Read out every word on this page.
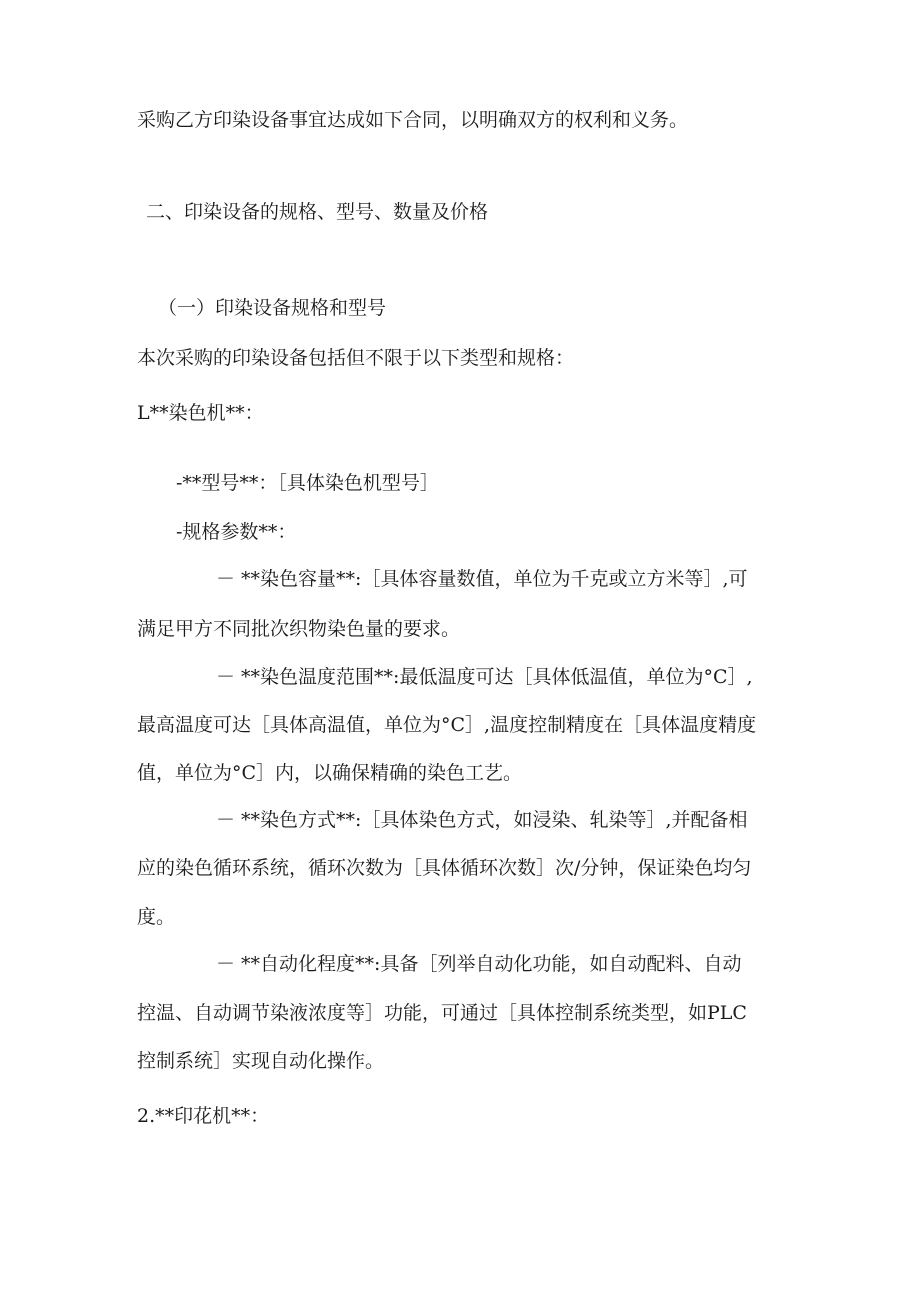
采购乙方印染设备事宜达成如下合同，以明确双方的权利和义务。
二、印染设备的规格、型号、数量及价格
（一）印染设备规格和型号
本次采购的印染设备包括但不限于以下类型和规格：
L**染色机**：
-**型号**：［具体染色机型号］
-规格参数**：
－ **染色容量**:［具体容量数值，单位为千克或立方米等］,可
满足甲方不同批次织物染色量的要求。
－ **染色温度范围**:最低温度可达［具体低温值，单位为°C］,
最高温度可达［具体高温值，单位为°C］,温度控制精度在［具体温度精度
值，单位为°C］内，以确保精确的染色工艺。
－ **染色方式**:［具体染色方式，如浸染、轧染等］,并配备相
应的染色循环系统，循环次数为［具体循环次数］次/分钟，保证染色均匀
度。
－ **自动化程度**:具备［列举自动化功能，如自动配料、自动
控温、自动调节染液浓度等］功能，可通过［具体控制系统类型，如PLC
控制系统］实现自动化操作。
2.**印花机**：
